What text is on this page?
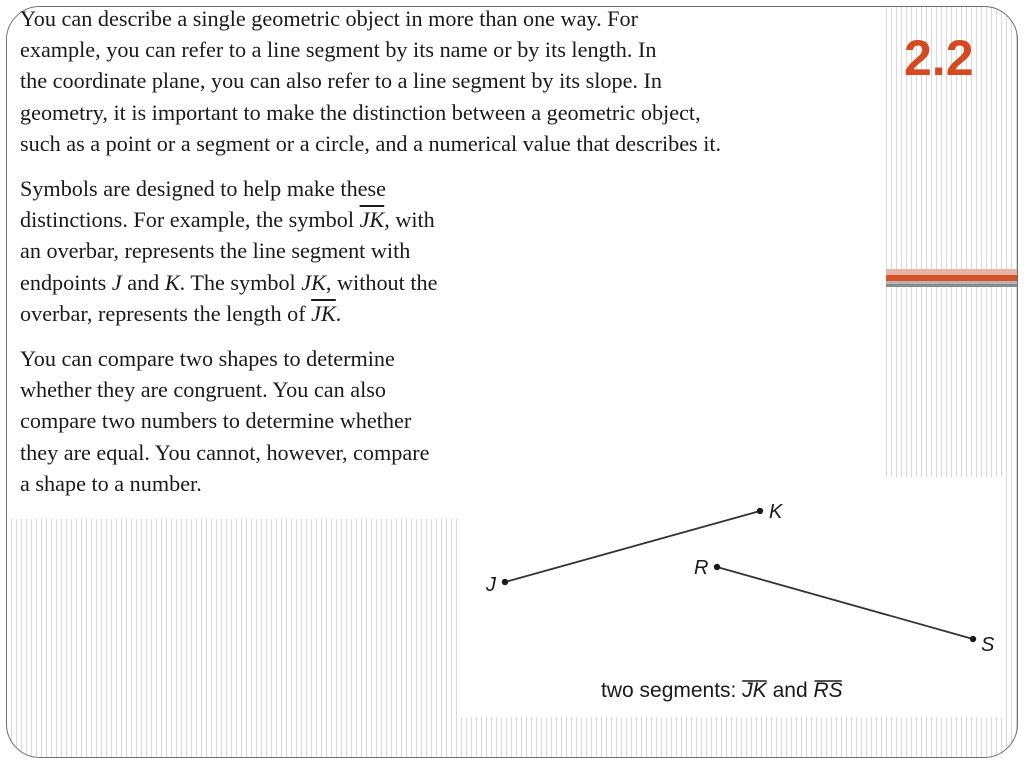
2.2

You can describe a single geometric object in more than one way. For
example, you can refer to a line segment by its name or by its length. In
the coordinate plane, you can also refer to a line segment by its slope. In
geometry, it is important to make the distinction between a geometric object,
such as a point or a segment or a circle, and a numerical value that describes it.

Symbols are designed to help make these
distinctions. For example, the symbol $\overline{JK}$, with
an overbar, represents the line segment with
endpoints J and K. The symbol JK, without the
overbar, represents the length of $\overline{JK}$.

You can compare two shapes to determine
whether they are congruent. You can also
compare two numbers to determine whether
they are equal. You cannot, however, compare
a shape to a number.

J
K
R
S
two segments: JK and RS
